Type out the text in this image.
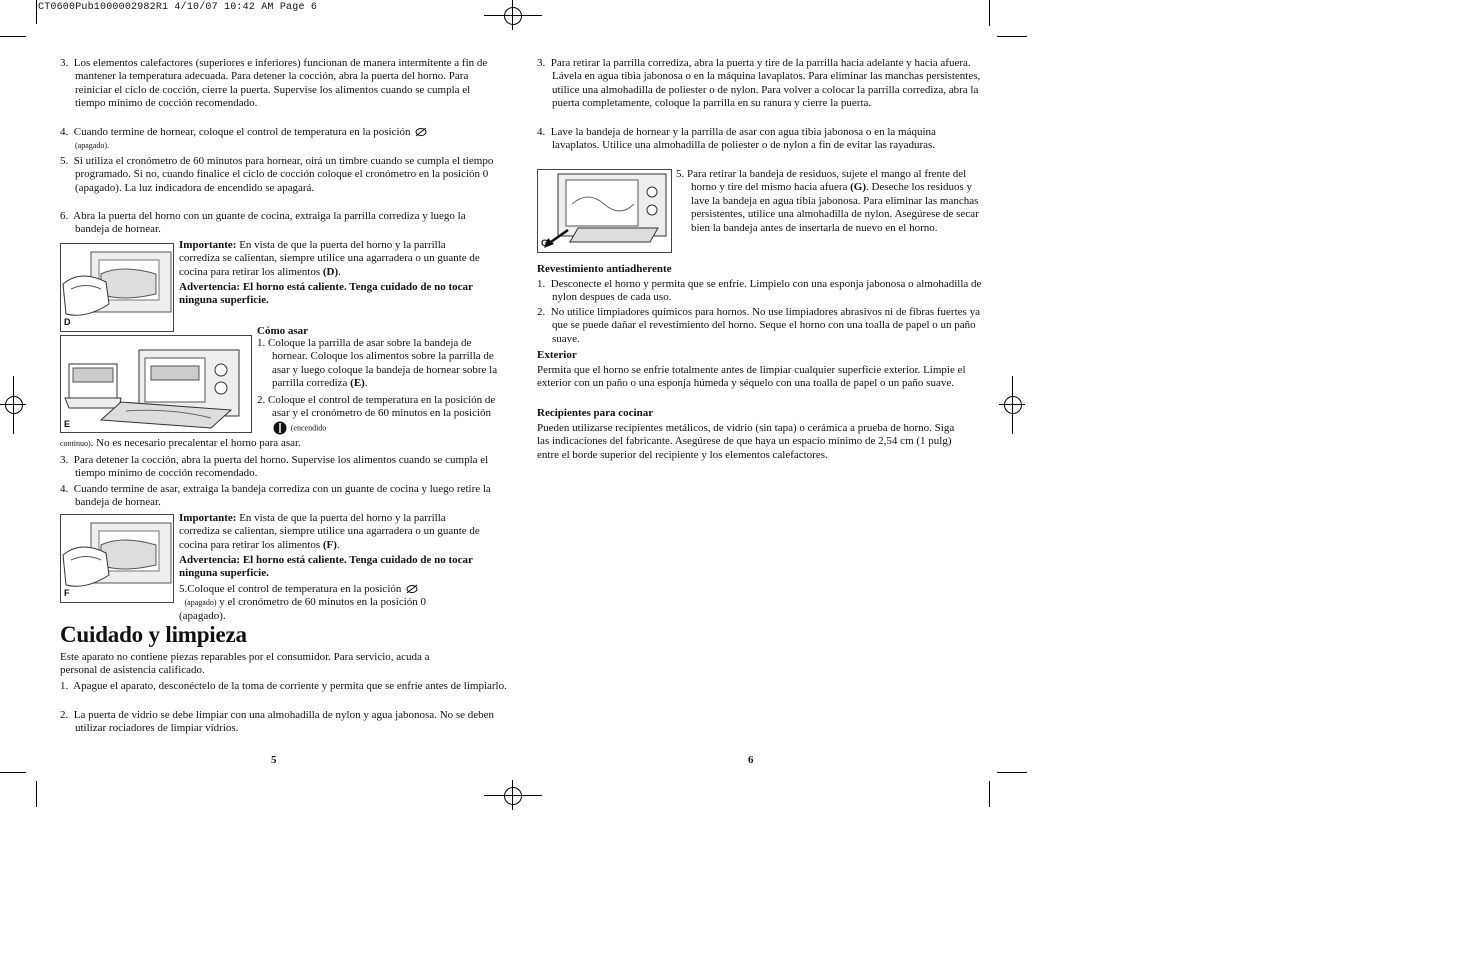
CT0600Pub1000002982R1 4/10/07 10:42 AM Page 6
3. Los elementos calefactores (superiores e inferiores) funcionan de manera intermitente a fin de mantener la temperatura adecuada. Para detener la cocción, abra la puerta del horno. Para reiniciar el ciclo de cocción, cierre la puerta. Supervise los alimentos cuando se cumpla el tiempo mínimo de cocción recomendado.
4. Cuando termine de hornear, coloque el control de temperatura en la posición
(apagado).
5. Si utiliza el cronómetro de 60 minutos para hornear, oirá un timbre cuando se cumpla el tiempo programado. Si no, cuando finalice el ciclo de cocción coloque el cronómetro en la posición 0 (apagado). La luz indicadora de encendido se apagará.
6. Abra la puerta del horno con un guante de cocina, extraiga la parrilla corrediza y luego la bandeja de hornear.
D
Importante: En vista de que la puerta del horno y la parrilla corrediza se calientan, siempre utilice una agarradera o un guante de cocina para retirar los alimentos (D).
Advertencia: El horno está caliente. Tenga cuidado de no tocar ninguna superficie.
Cómo asar
E
1. Coloque la parrilla de asar sobre la bandeja de hornear. Coloque los alimentos sobre la parrilla de asar y luego coloque la bandeja de hornear sobre la parrilla corrediza (E).
2. Coloque el control de temperatura en la posición de asar y el cronómetro de 60 minutos en la posición  (encendido
continuo). No es necesario precalentar el horno para asar.
3. Para detener la cocción, abra la puerta del horno. Supervise los alimentos cuando se cumpla el tiempo mínimo de cocción recomendado.
4. Cuando termine de asar, extraiga la bandeja corrediza con un guante de cocina y luego retire la bandeja de hornear.
F
Importante: En vista de que la puerta del horno y la parrilla corrediza se calientan, siempre utilice una agarradera o un guante de cocina para retirar los alimentos (F).
Advertencia: El horno está caliente. Tenga cuidado de no tocar ninguna superficie.
5.Coloque el control de temperatura en la posición
(apagado) y el cronómetro de 60 minutos en la posición 0 (apagado).
Cuidado y limpieza
Este aparato no contiene piezas reparables por el consumidor. Para servicio, acuda a personal de asistencia calificado.
1. Apague el aparato, desconéctelo de la toma de corriente y permita que se enfríe antes de limpiarlo.
2. La puerta de vidrio se debe limpiar con una almohadilla de nylon y agua jabonosa. No se deben utilizar rociadores de limpiar vidrios.
5
3. Para retirar la parrilla corrediza, abra la puerta y tire de la parrilla hacia adelante y hacia afuera. Lávela en agua tibia jabonosa o en la máquina lavaplatos. Para eliminar las manchas persistentes, utilice una almohadilla de poliester o de nylon. Para volver a colocar la parrilla corrediza, abra la puerta completamente, coloque la parrilla en su ranura y cierre la puerta.
4. Lave la bandeja de hornear y la parrilla de asar con agua tibia jabonosa o en la máquina lavaplatos. Utilice una almohadilla de poliester o de nylon a fin de evitar las rayaduras.
G
5. Para retirar la bandeja de residuos, sujete el mango al frente del horno y tire del mismo hacia afuera (G). Deseche los residuos y lave la bandeja en agua tibia jabonosa. Para eliminar las manchas persistentes, utilice una almohadilla de nylon. Asegúrese de secar bien la bandeja antes de insertarla de nuevo en el horno.
Revestimiento antiadherente
1. Desconecte el horno y permita que se enfríe. Limpielo con una esponja jabonosa o almohadilla de nylon despues de cada uso.
2. No utilice limpiadores químicos para hornos. No use limpiadores abrasivos ni de fibras fuertes ya que se puede dañar el revestimiento del horno. Seque el horno con una toalla de papel o un paño suave.
Exterior
Permita que el horno se enfríe totalmente antes de limpiar cualquier superficie exterior. Limpie el exterior con un paño o una esponja húmeda y séquelo con una toalla de papel o un paño suave.
Recipientes para cocinar
Pueden utilizarse recipientes metálicos, de vidrio (sin tapa) o cerámica a prueba de horno. Siga las indicaciones del fabricante. Asegúrese de que haya un espacio mínimo de 2,54 cm (1 pulg) entre el borde superior del recipiente y los elementos calefactores.
6
